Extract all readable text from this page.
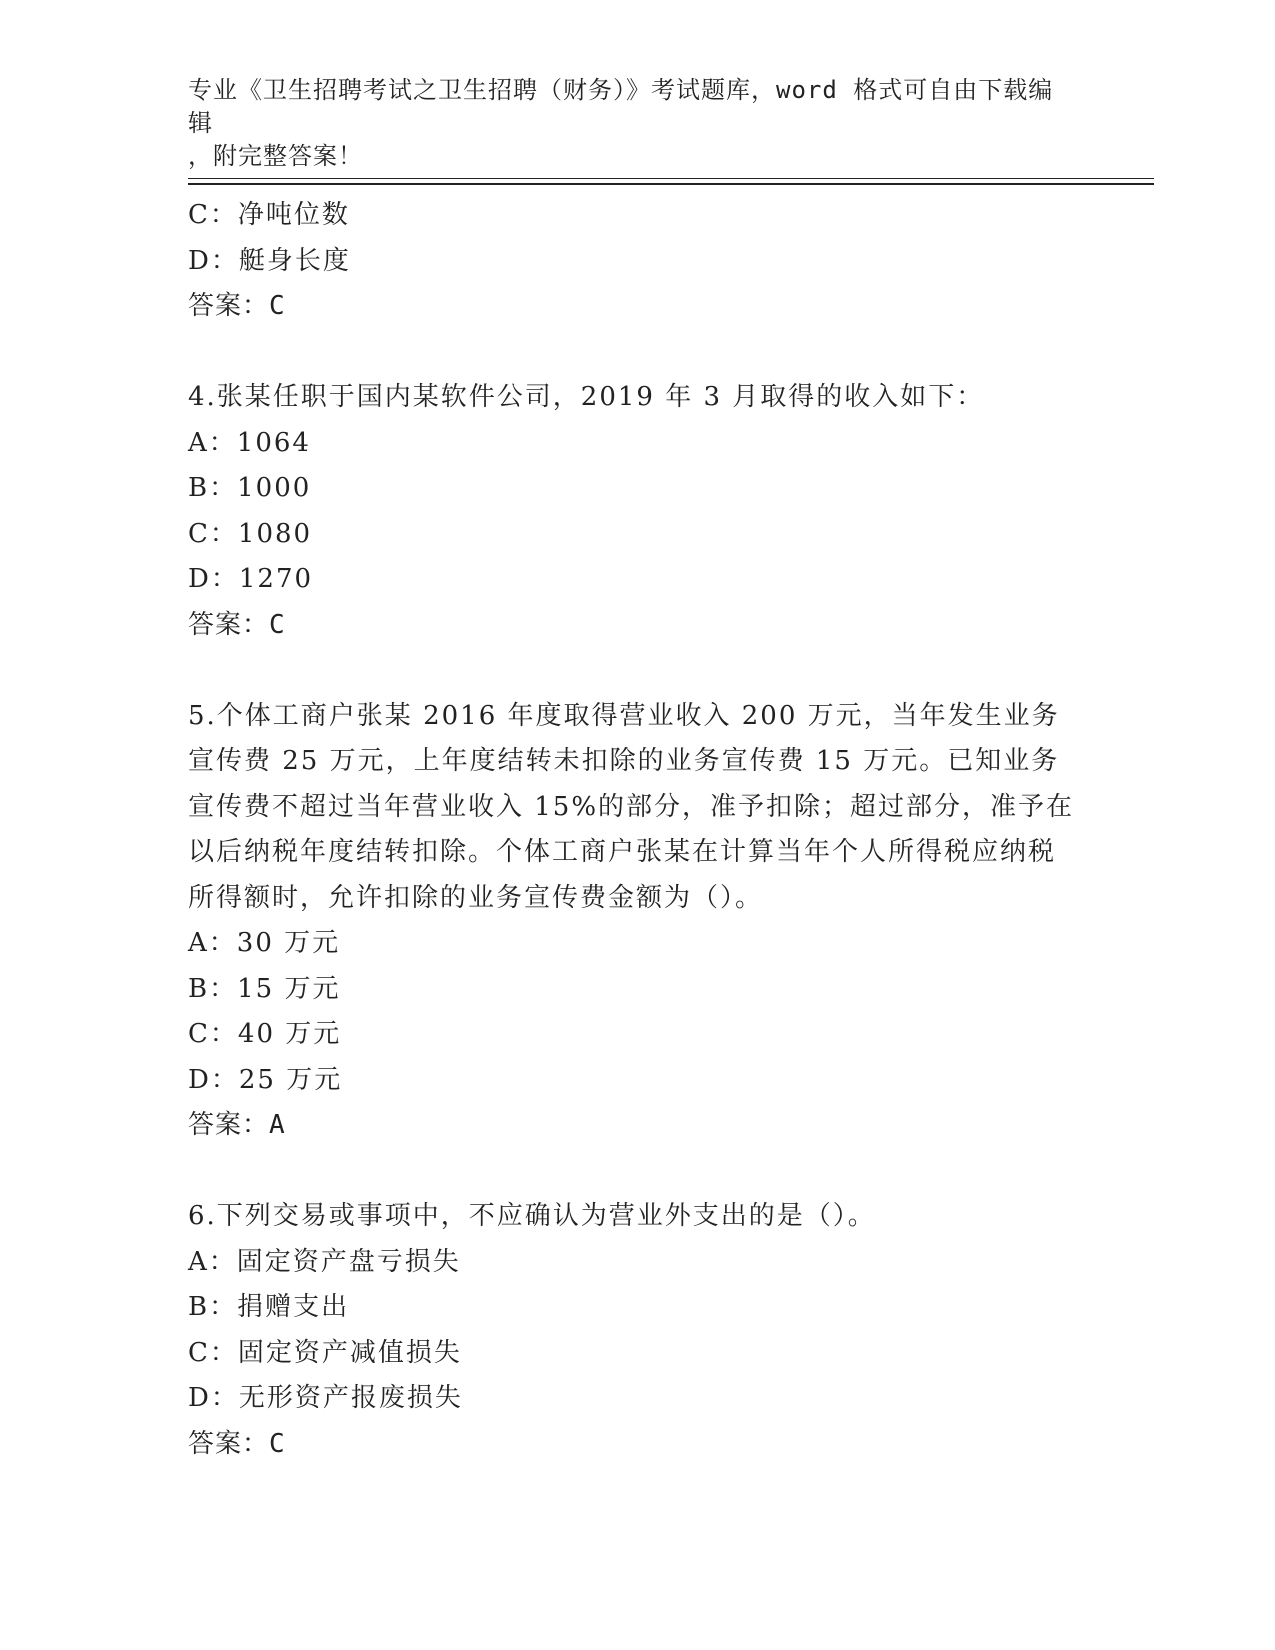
专业《卫生招聘考试之卫生招聘（财务）》考试题库，word 格式可自由下载编辑
，附完整答案！
C：净吨位数
D：艇身长度
答案：C
4.张某任职于国内某软件公司，2019 年 3 月取得的收入如下：
A：1064
B：1000
C：1080
D：1270
答案：C
5.个体工商户张某 2016 年度取得营业收入 200 万元，当年发生业务宣传费 25 万元，上年度结转未扣除的业务宣传费 15 万元。已知业务宣传费不超过当年营业收入 15%的部分，准予扣除；超过部分，准予在以后纳税年度结转扣除。个体工商户张某在计算当年个人所得税应纳税所得额时，允许扣除的业务宣传费金额为（）。
A：30 万元
B：15 万元
C：40 万元
D：25 万元
答案：A
6.下列交易或事项中，不应确认为营业外支出的是（）。
A：固定资产盘亏损失
B：捐赠支出
C：固定资产减值损失
D：无形资产报废损失
答案：C
